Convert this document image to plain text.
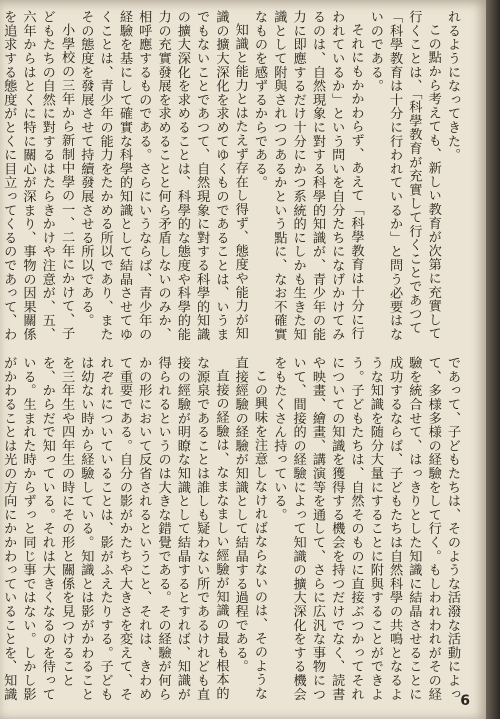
れるようになってきた。

この點から考えても、新しい教育が次第に充實して行くことは、「科學教育が充實して行くことであつて「科學教育は十分に行われているか」と問う必要はないのである。

それにもかかわらず、あえて「科學教育は十分に行われているか」という問いを自分たちになげかけてみるのは、自然現象に對する科學的知識が、青少年の能力に即應するだけ十分にかつ系統的にしかも生きた知識として附與されつつあるかという點に、なお不確實なものを感ずるからである。

知識と能力とはたえず存在し得ず、態度や能力が知識の擴大深化を求めてゆくものであることは、いうまでもないことであつて、自然現象に對する科學的知識の擴大深化を求めることは、科學的な態度や科學的能力の充實發展を求めることと何ら矛盾しないのみか、相呼應するものである。さらにいうならば、青少年の経驗を基にして確實な科學的知識として結晶させてゆくことは、青少年の能力をたかめる所以であり、またその態度を發展させて持續發展させる所以である。

小學校の三年から新制中學の一、二年にかけて、子どもたちの自然に對するはたらきかけや注意が、五、六年からはとくに特に關心が深まり、事物の因果關係を追求する態度がとくに目立ってくるのであって、わ

であって、子どもたちは、そのような活潑な活動によって、多様多様の経驗をして行く。もしわれわれがその経驗を統合せて、はっきりとした知識に結晶させることに成功するならば、子どもたちは自然科學の共鳴となるような知識を随分大量にすることに附與することができよう。子どもたちは、自然そのものに直接ぶつかってそれについての知識を獲得する機会を持つだけでなく、読書や映畫、繪畫、講演等を通して、さらに広汎な事物について、間接的の経驗によって知識の擴大深化をする機会をもたくさん持っている。

この興味を注意しなければならないのは、そのような直接經驗の経驗が知識として結晶する過程である。

直接の経驗は、なまなましい經驗が知識の最も根本的な源泉であることは誰しも疑わない所であるけれども直接の經驗が明瞭な知識として結晶するとすれば、知識が得られるというのは大きな錯覺である。その経驗が何らかの形において反省されるということ、それは、きわめて重要である。自分の影がかたちや大きさを変えて、それぞれについていることは、影がふえたりする。子どもは幼ない時から経驗している。知識とは影がかわることを三年生や四年生の時にその形と關係を見つけることを、からだで知っている。それは大きくなるのを待っている。生まれた時からずっと同じ事ではない。しかし影がかわることは光の方向にかかわっていることを、知識	6
